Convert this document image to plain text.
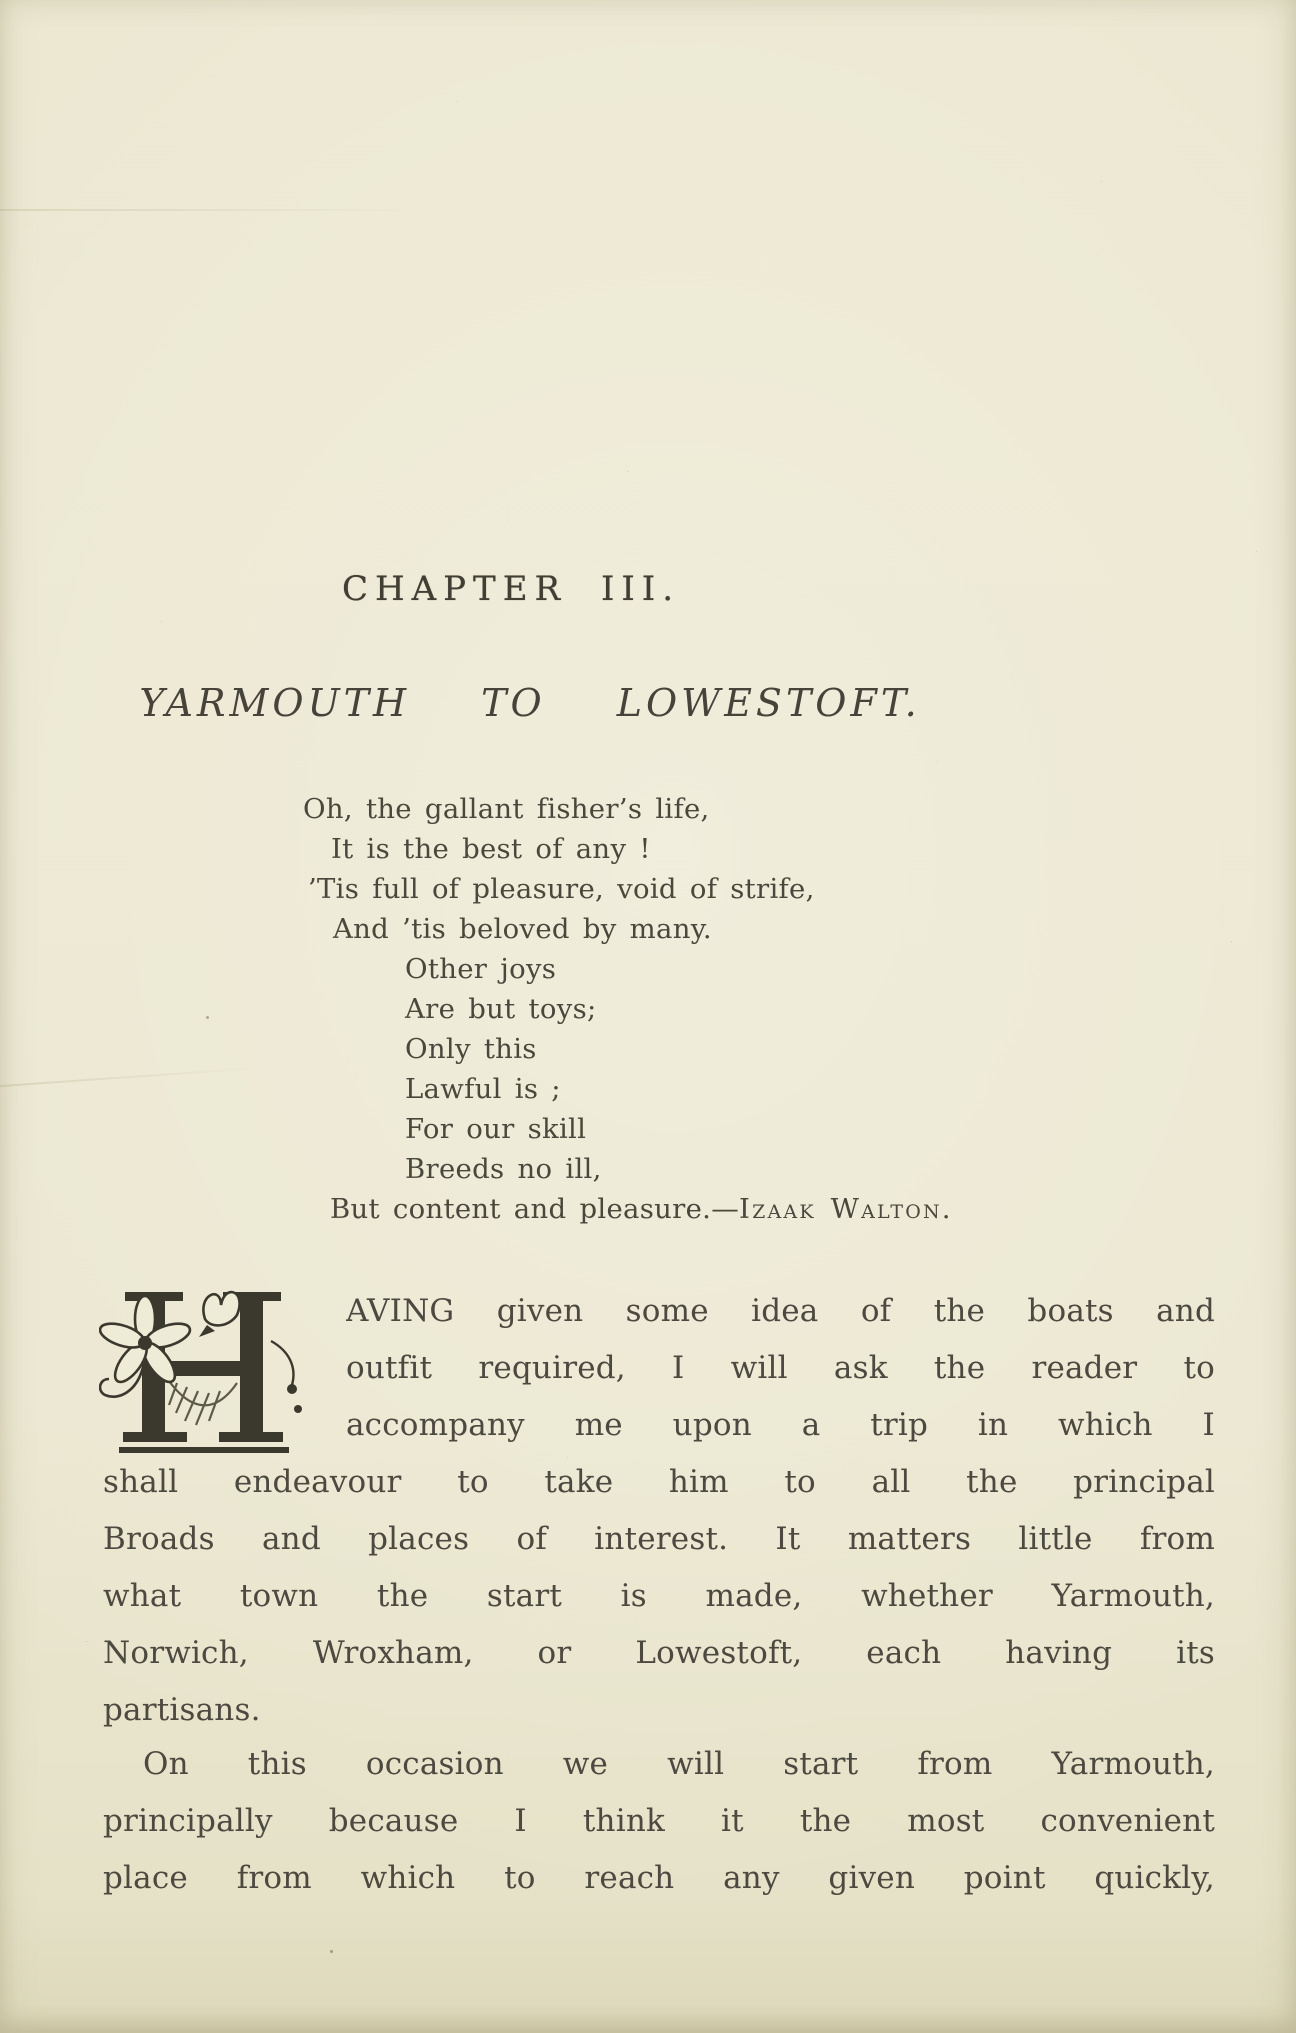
CHAPTER III.
YARMOUTH TO LOWESTOFT.
Oh, the gallant fisher’s life,
It is the best of any !
’Tis full of pleasure, void of strife,
And ’tis beloved by many.
Other joys
Are but toys;
Only this
Lawful is ;
For our skill
Breeds no ill,
But content and pleasure.—Izaak Walton.
AVING given some idea of the boats and
outfit required, I will ask the reader to
accompany me upon a trip in which I
shall endeavour to take him to all the principal
Broads and places of interest. It matters little from
what town the start is made, whether Yarmouth,
Norwich, Wroxham, or Lowestoft, each having its
partisans.
On this occasion we will start from Yarmouth,
principally because I think it the most convenient
place from which to reach any given point quickly,
